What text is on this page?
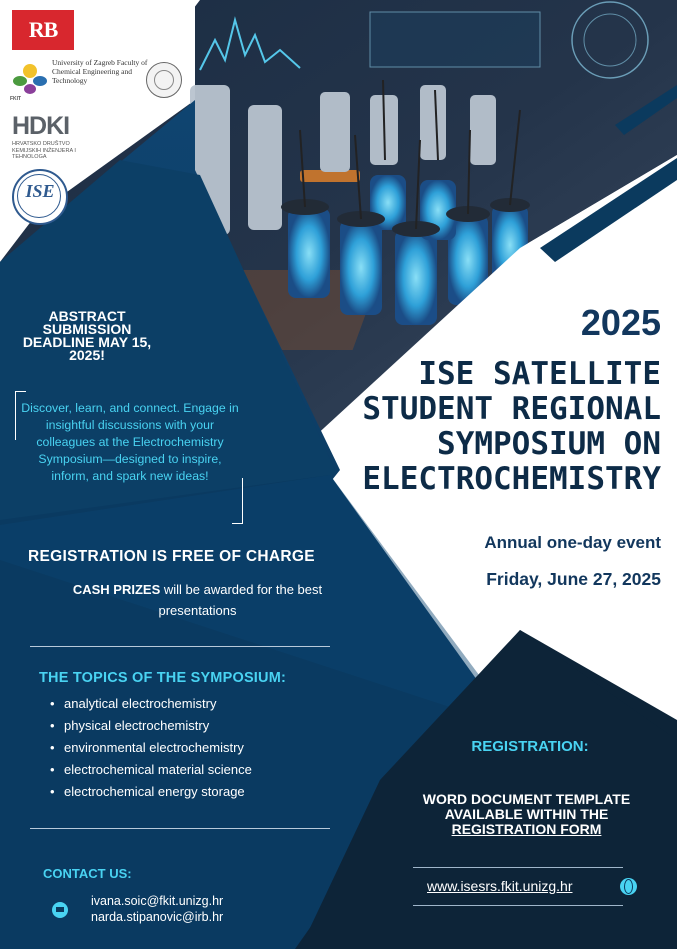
RB
University of Zagreb Faculty of Chemical Engineering and Technology
FKIT
HDKI
HRVATSKO DRUŠTVO KEMIJSKIH INŽENJERA I TEHNOLOGA
ISE
ABSTRACT SUBMISSION DEADLINE MAY 15, 2025!
Discover, learn, and connect. Engage in insightful discussions with your colleagues at the Electrochemistry Symposium—designed to inspire, inform, and spark new ideas!
REGISTRATION IS FREE OF CHARGE
CASH PRIZES will be awarded for the best presentations
THE TOPICS OF THE SYMPOSIUM:
• analytical electrochemistry
• physical electrochemistry
• environmental electrochemistry
• electrochemical material science
• electrochemical energy storage
CONTACT US:
ivana.soic@fkit.unizg.hr
narda.stipanovic@irb.hr
2025
ISE SATELLITE
STUDENT REGIONAL
SYMPOSIUM ON
ELECTROCHEMISTRY
Annual one-day event
Friday, June 27, 2025
REGISTRATION:
WORD DOCUMENT TEMPLATE
AVAILABLE WITHIN THE
REGISTRATION FORM
www.isesrs.fkit.unizg.hr
